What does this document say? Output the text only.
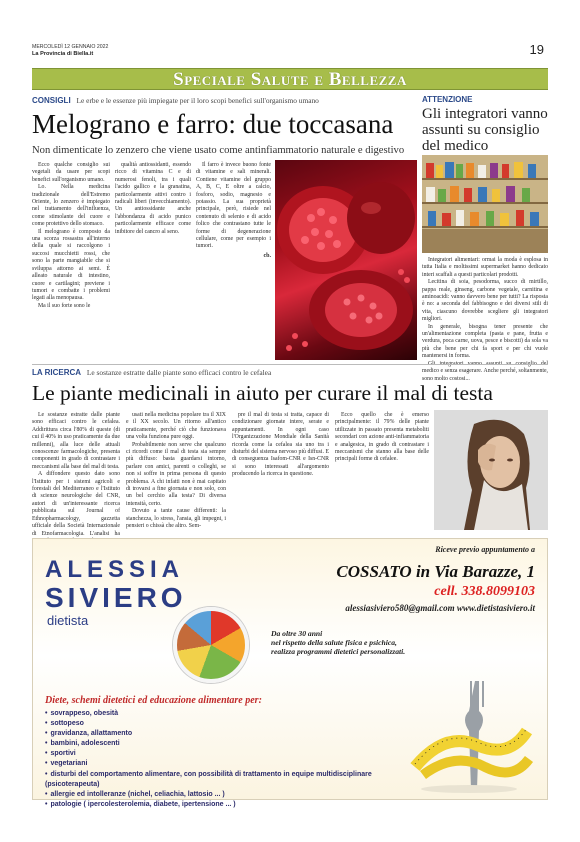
MERCOLEDÌ 12 GENNAIO 2022
La Provincia di Biella.it	19
Speciale Salute e Bellezza
CONSIGLI Le erbe e le essenze più impiegate per il loro scopi benefici sull'organismo umano
Melograno e farro: due toccasana
Non dimenticate lo zenzero che viene usato come antinfiammatorio naturale e digestivo

Ecco qualche consiglio sui vegetali da usare per scopi benefici sull'organismo umano.

Lo. Nella medicina tradizionale dell'Estremo Oriente, lo zenzero è impiegato nel trattamento dell'influenza, come stimolante del cuore e come protettivo dello stomaco.

Il melograno è composto da una scorza rossastra all'interno della quale si raccolgono i succosi mucchietti rossi, che sono la parte mangiabile che si sviluppa attorno ai semi. È alleato naturale di intestino, cuore e cartilagini; previene i tumori e combatte i problemi legati alla menopausa.

Ma il suo forte sono le

qualità antiossidanti, essendo ricco di vitamina C e di numerosi fenoli, tra i quali l'acido gallico e la granatina, particolarmente attivi contro i radicali liberi (invecchiamento). Un antiossidante anche l'abbondanza di acido punico particolarmente efficace come inibitore del cancro al seno.

Il farro è invece buono fonte di vitamine e sali minerali. Contiene vitamine del gruppo A, B, C, E oltre a calcio, fosforo, sodio, magnesio e potassio. La sua proprietà principale, però, risiede nel contenuto di selenio e di acido folico che contrastano tutte le forme di degenerazione cellulare, come per esempio i tumori.

cb.
ATTENZIONE
Gli integratori vanno assunti su consiglio del medico

Integratori alimentari: ormai la moda è esplosa in tutta Italia e moltissimi supermarket hanno dedicato interi scaffali a questi particolari prodotti.

Lecitina di soia, pesodorma, succo di mirtillo, pappa reale, ginseng, carbone vegetale, carnitina e aminoacidi: vanno davvero bene per tutti? La risposta è no: a seconda del fabbisogno e dei diversi stili di vita, ciascuno dovrebbe scegliere gli integratori migliori.

In generale, bisogna tener presente che un'alimentazione completa (pasta e pane, frutta e verdura, poca carne, uova, pesce e biscotti) da sola va più che bene per chi fa sport e per chi vuole mantenersi in forma.

medico e senza esagerare. Anche perché, soltanmente, sono molto costosi...

LA RICERCA Le sostanze estratte dalle piante sono efficaci contro le cefalea
Le piante medicinali in aiuto per curare il mal di testa

Le sostanze estratte dalle piante sono efficaci contro le cefalea. Addirittura circa l'80% di queste (di cui il 40% in uso praticamente da due millenni), alla luce delle attuali conoscenze farmacologiche, presenta componenti in grado di contrastare i meccanismi alla base del mal di testa.

A diffondere questo dato sono l'Istituto per i sistemi agricoli e forestali del Mediterraneo e l'Istituto di scienze neurologiche del CNR, autori di un'interessante ricerca pubblicata sul Journal of Ethnopharmacology, gazzetta ufficiale della Società Internazionale di Etnofarmacologia. L'analisi ha

usati nella medicina popolare tra il XIX e il XX secolo. Un ritorno all'antico praticamente, perché ciò che funzionava una volta funziona pure oggi.

Probabilmente non serve che qualcuno ci ricordi come il mal di testa sia sempre più diffuso: basta guardarsi intorno, parlare con amici, parenti o colleghi, se non si soffre in prima persona di questo problema. A chi infatti non è mai capitato di trovarsi a fine giornata e non solo, con un bel cerchio alla testa? Di diversa intensità, certo.

Dovuto a tante cause differenti: la stanchezza, lo stress, l'ansia, gli impegni, i pensieri o chissà che altro. Sem-

pre il mal di testa si tratta, capace di condizionare giornate intere, serate e appuntamenti. In ogni caso l'Organizzazione Mondiale della Sanità ricorda come la cefalea sia uno tra i disturbi del sistema nervoso più diffusi. E di conseguenza Isafom-CNR e Isn-CNR si sono interessati all'argomento producendo la ricerca in questione.

Ecco quello che è emerso principalmente: il 79% delle piante utilizzate in passato presenta metaboliti secondari con azione anti-infiammatoria e analgesica, in grado di contrastare i meccanismi che stanno alla base delle principali forme di cefalee.

ALESSIA
SIVIERO
dietista
Riceve previo appuntamento a
COSSATO in Via Barazze, 1
cell. 338.8099103
alessiasiviero580@gmail.com www.dietistasiviero.it
Da oltre 30 anni
nel rispetto della salute fisica e psichica,
realizza programmi dietetici personalizzati.
Diete, schemi dietetici ed educazione alimentare per:
• sovrappeso, obesità
• sottopeso
• gravidanza, allattamento
• bambini, adolescenti
• sportivi
• vegetariani
• disturbi del comportamento alimentare, con possibilità di trattamento in equipe multidisciplinare (psicoterapeuta)
• allergie ed intolleranze (nichel, celiachia, lattosio ... )
• patologie ( ipercolesterolemia, diabete, ipertensione ... )
